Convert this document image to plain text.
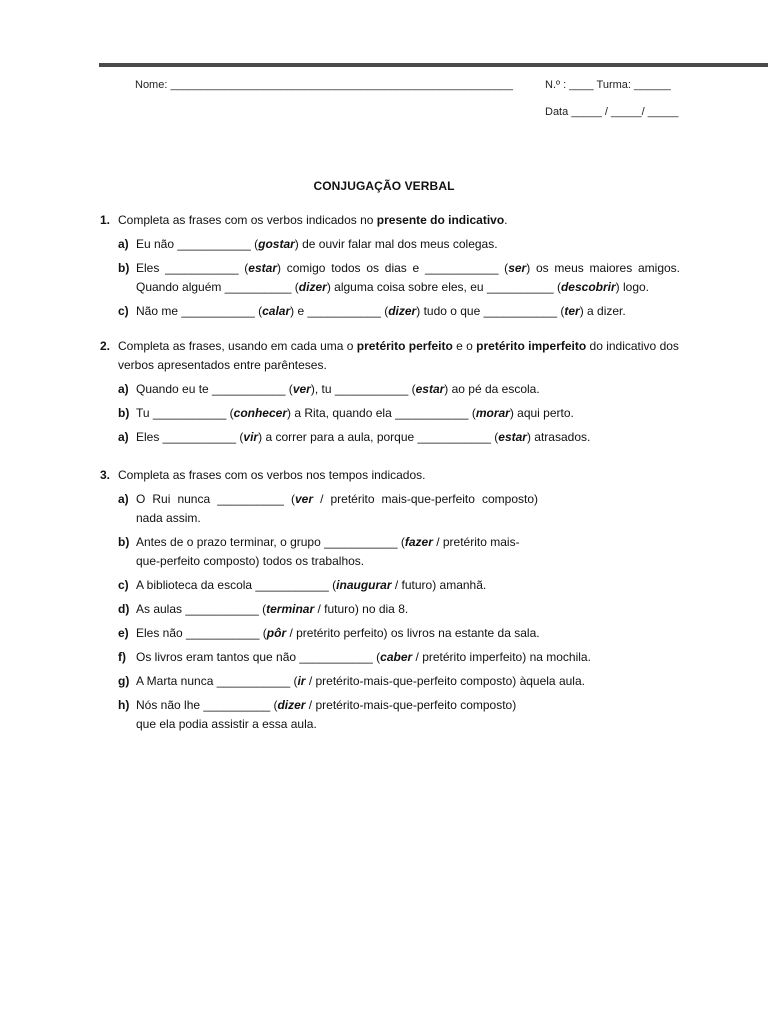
Nome: ________________________________________________________	N.º : ____ Turma: ______
Data _____ / _____/ _____
CONJUGAÇÃO VERBAL
1. Completa as frases com os verbos indicados no presente do indicativo.
a) Eu não ___________ (gostar) de ouvir falar mal dos meus colegas.
b) Eles ___________ (estar) comigo todos os dias e ___________ (ser) os meus maiores amigos. Quando alguém __________ (dizer) alguma coisa sobre eles, eu __________ (descobrir) logo.
c) Não me ___________ (calar) e ___________ (dizer) tudo o que ___________ (ter) a dizer.
2. Completa as frases, usando em cada uma o pretérito perfeito e o pretérito imperfeito do indicativo dos verbos apresentados entre parênteses.
a) Quando eu te ___________ (ver), tu ___________ (estar) ao pé da escola.
b) Tu ___________ (conhecer) a Rita, quando ela ___________ (morar) aqui perto.
a) Eles ___________ (vir) a correr para a aula, porque ___________ (estar) atrasados.
3. Completa as frases com os verbos nos tempos indicados.
a) O Rui nunca __________ (ver / pretérito mais-que-perfeito composto) nada assim.
b) Antes de o prazo terminar, o grupo ___________ (fazer / pretérito mais-que-perfeito composto) todos os trabalhos.
c) A biblioteca da escola ___________ (inaugurar / futuro) amanhã.
d) As aulas ___________ (terminar / futuro) no dia 8.
e) Eles não ___________ (pôr / pretérito perfeito) os livros na estante da sala.
f) Os livros eram tantos que não ___________ (caber / pretérito imperfeito) na mochila.
g) A Marta nunca ___________ (ir / pretérito-mais-que-perfeito composto) àquela aula.
h) Nós não lhe __________ (dizer / pretérito-mais-que-perfeito composto) que ela podia assistir a essa aula.
